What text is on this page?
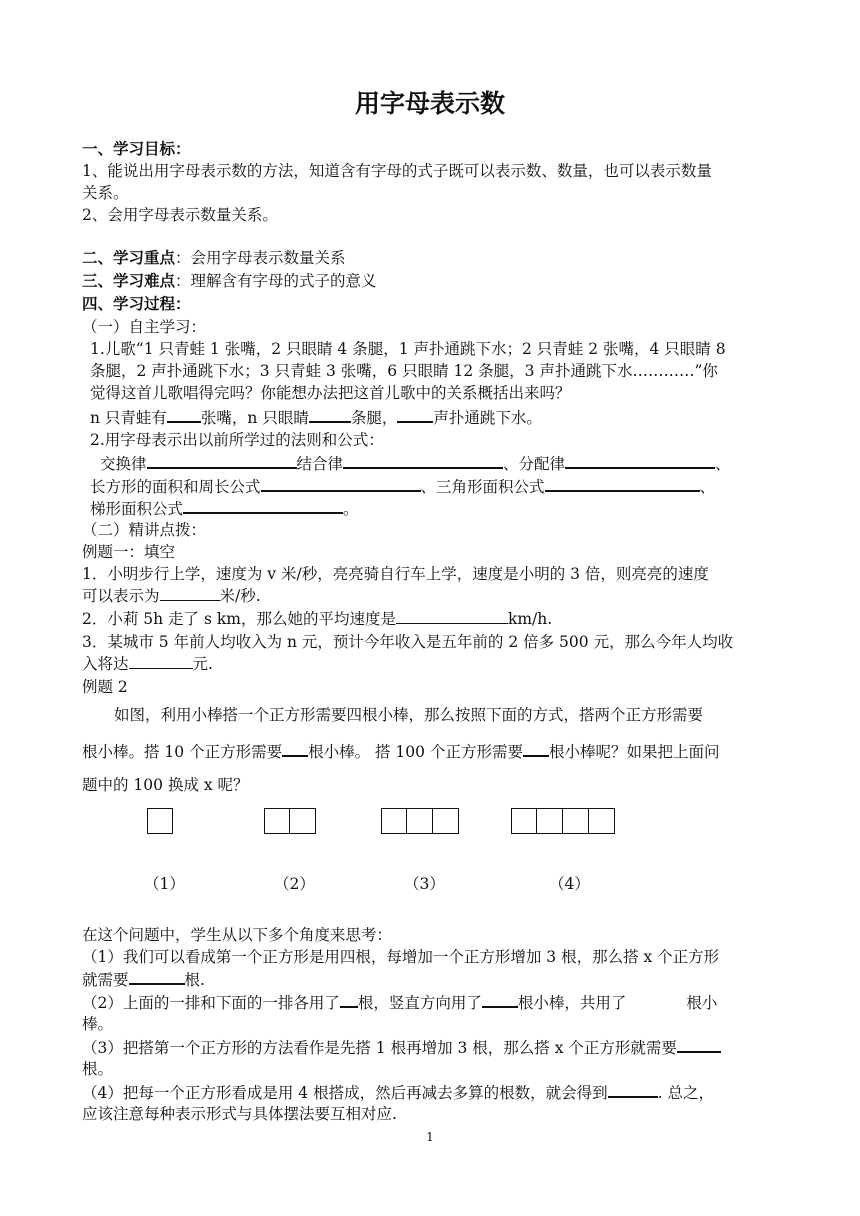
用字母表示数
一、学习目标：
1、能说出用字母表示数的方法，知道含有字母的式子既可以表示数、数量，也可以表示数量
关系。
2、会用字母表示数量关系。
二、学习重点：会用字母表示数量关系
三、学习难点：理解含有字母的式子的意义
四、学习过程：
（一）自主学习：
1.儿歌“1 只青蛙 1 张嘴，2 只眼睛 4 条腿，1 声扑通跳下水；2 只青蛙 2 张嘴，4 只眼睛 8
条腿，2 声扑通跳下水；3 只青蛙 3 张嘴，6 只眼睛 12 条腿，3 声扑通跳下水…………”你
觉得这首儿歌唱得完吗？你能想办法把这首儿歌中的关系概括出来吗？
n 只青蛙有 张嘴，n 只眼睛	条腿， 声扑通跳下水。
2.用字母表示出以前所学过的法则和公式：
交换律	结合律	、分配律	、
长方形的面积和周长公式	、三角形面积公式	、
梯形面积公式	。
（二）精讲点拨：
例题一：填空
1．小明步行上学，速度为 v 米/秒，亮亮骑自行车上学，速度是小明的 3 倍，则亮亮的速度
可以表示为	米/秒.
2．小莉 5h 走了 s km，那么她的平均速度是	km/h.
3．某城市 5 年前人均收入为 n 元，预计今年收入是五年前的 2 倍多 500 元，那么今年人均收
入将达	元.
例题 2
如图，利用小棒搭一个正方形需要四根小棒，那么按照下面的方式，搭两个正方形需要
根小棒。搭 10 个正方形需要 根小棒。 搭 100 个正方形需要 根小棒呢？如果把上面问
题中的 100 换成 x 呢？
（1）	（2）	（3）	（4）
在这个问题中，学生从以下多个角度来思考：
（1）我们可以看成第一个正方形是用四根，每增加一个正方形增加 3 根，那么搭 x 个正方形
就需要	根.
（2）上面的一排和下面的一排各用了 根，竖直方向用了 根小棒，共用了	根小
棒。
（3）把搭第一个正方形的方法看作是先搭 1 根再增加 3 根，那么搭 x 个正方形就需要
根。
（4）把每一个正方形看成是用 4 根搭成，然后再减去多算的根数，就会得到	. 总之，
应该注意每种表示形式与具体摆法要互相对应.
1
